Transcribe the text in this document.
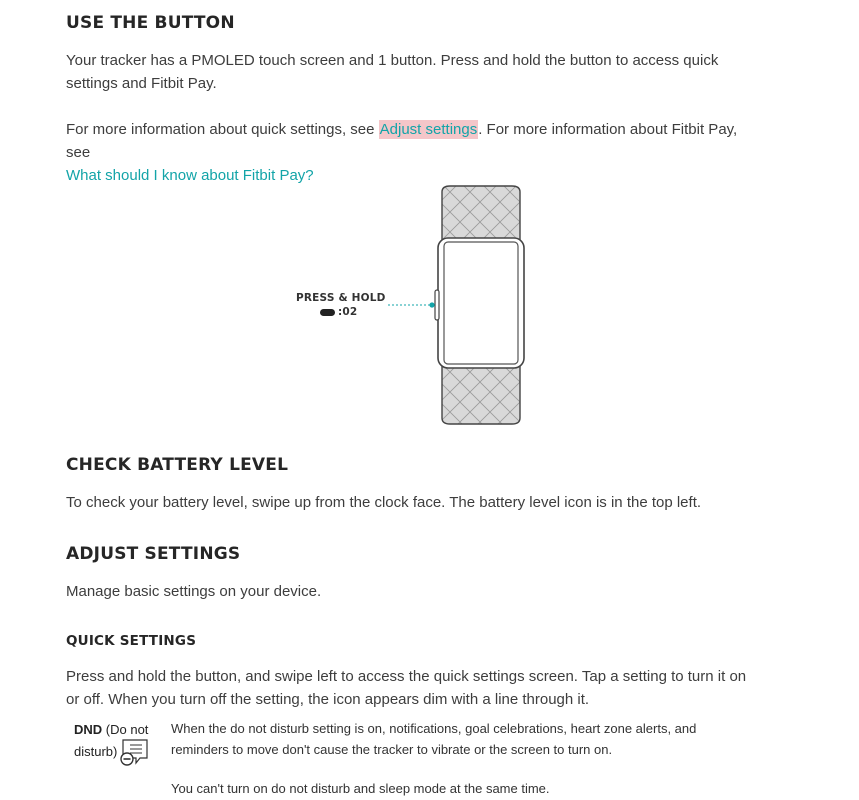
USE THE BUTTON

Your tracker has a PMOLED touch screen and 1 button. Press and hold the button to access quick settings and Fitbit Pay.

For more information about quick settings, see Adjust settings. For more information about Fitbit Pay, see
What should I know about Fitbit Pay?

PRESS & HOLD
:02
CHECK BATTERY LEVEL

To check your battery level, swipe up from the clock face. The battery level icon is in the top left.

ADJUST SETTINGS

Manage basic settings on your device.

QUICK SETTINGS

Press and hold the button, and swipe left to access the quick settings screen. Tap a setting to turn it on or off. When you turn off the setting, the icon appears dim with a line through it.

DND (Do not disturb)

When the do not disturb setting is on, notifications, goal celebrations, heart zone alerts, and reminders to move don't cause the tracker to vibrate or the screen to turn on.

You can't turn on do not disturb and sleep mode at the same time.
